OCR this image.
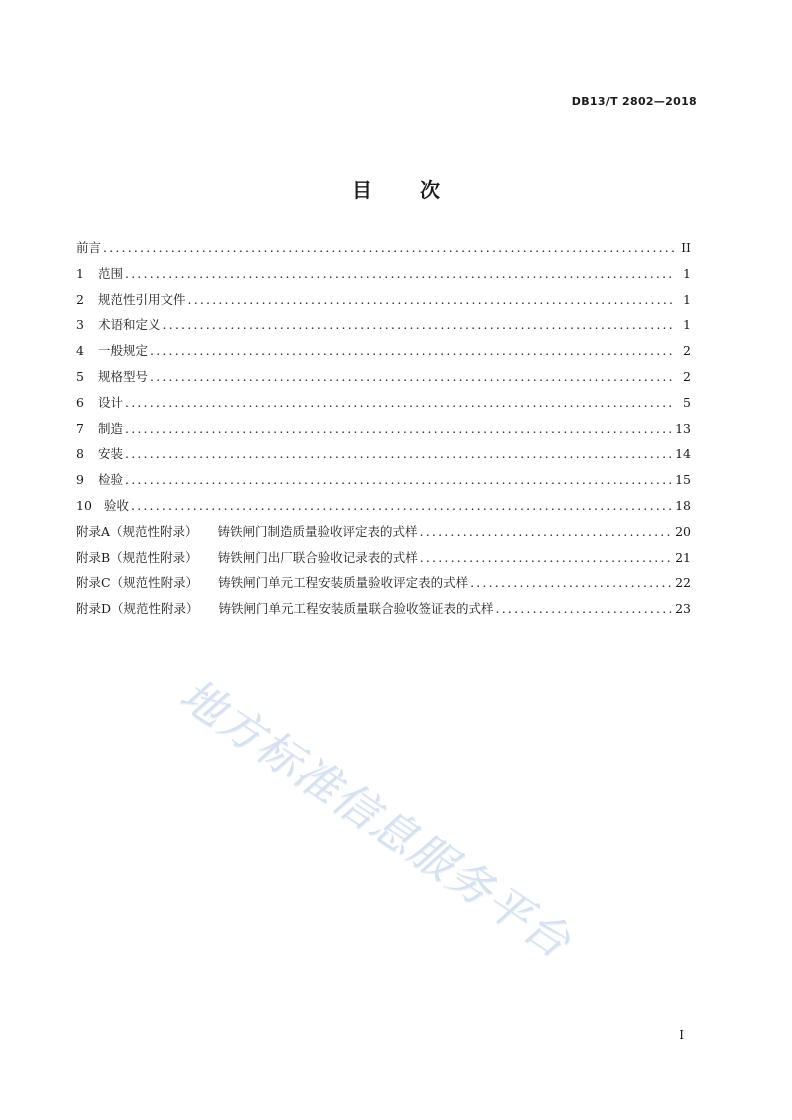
DB13/T 2802—2018
目 次
前言 .....	II
1	范围 .....	1
2	规范性引用文件 .....	1
3	术语和定义 .....	1
4	一般规定 .....	2
5	规格型号 .....	2
6	设计 .....	5
7	制造 .....	13
8	安装 .....	14
9	检验 .....	15
10 验收 .....	18
附录A（规范性附录） 铸铁闸门制造质量验收评定表的式样 .....	20
附录B（规范性附录） 铸铁闸门出厂联合验收记录表的式样 .....	21
附录C（规范性附录） 铸铁闸门单元工程安装质量验收评定表的式样 .....	22
附录D（规范性附录） 铸铁闸门单元工程安装质量联合验收签证表的式样 .....	23
地方标准信息服务平台
I
